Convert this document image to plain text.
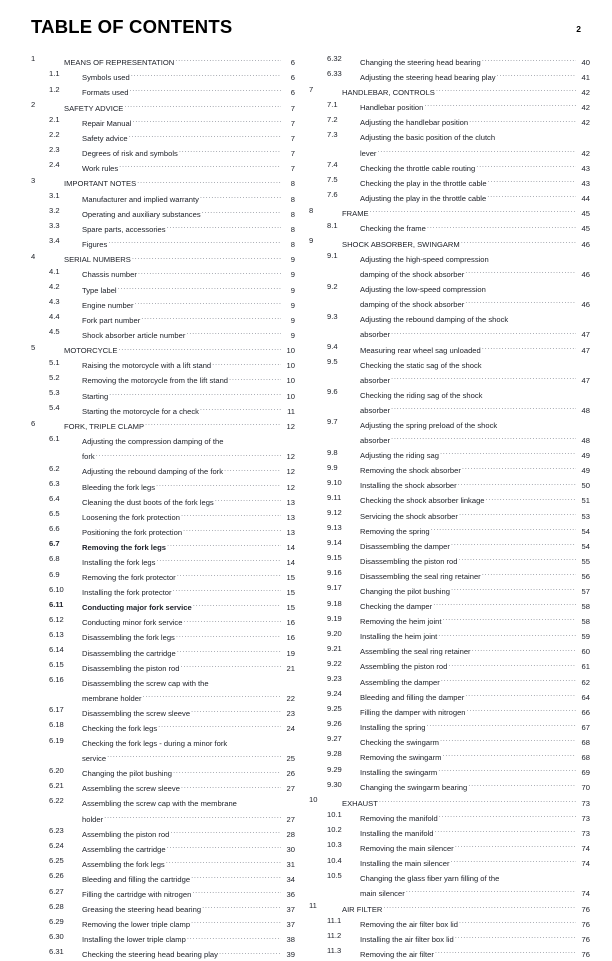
TABLE OF CONTENTS	2
1	MEANS OF REPRESENTATION .....	6
1.1	Symbols used .....	6
1.2	Formats used .....	6
2	SAFETY ADVICE .....	7
2.1	Repair Manual .....	7
2.2	Safety advice .....	7
2.3	Degrees of risk and symbols .....	7
2.4	Work rules .....	7
3	IMPORTANT NOTES .....	8
3.1	Manufacturer and implied warranty .....	8
3.2	Operating and auxiliary substances .....	8
3.3	Spare parts, accessories .....	8
3.4	Figures .....	8
4	SERIAL NUMBERS .....	9
4.1	Chassis number .....	9
4.2	Type label .....	9
4.3	Engine number .....	9
4.4	Fork part number .....	9
4.5	Shock absorber article number .....	9
5	MOTORCYCLE .....	10
5.1	Raising the motorcycle with a lift stand .....	10
5.2	Removing the motorcycle from the lift stand .....	10
5.3	Starting .....	10
5.4	Starting the motorcycle for a check .....	11
6	FORK, TRIPLE CLAMP .....	12
6.1	Adjusting the compression damping of the
fork .....	12
6.2	Adjusting the rebound damping of the fork .....	12
6.3	Bleeding the fork legs .....	12
6.4	Cleaning the dust boots of the fork legs .....	13
6.5	Loosening the fork protection .....	13
6.6	Positioning the fork protection .....	13
6.7	Removing the fork legs .....	14
6.8	Installing the fork legs .....	14
6.9	Removing the fork protector .....	15
6.10	Installing the fork protector .....	15
6.11	Conducting major fork service .....	15
6.12	Conducting minor fork service .....	16
6.13	Disassembling the fork legs .....	16
6.14	Disassembling the cartridge .....	19
6.15	Disassembling the piston rod .....	21
6.16	Disassembling the screw cap with the
membrane holder .....	22
6.17	Disassembling the screw sleeve .....	23
6.18	Checking the fork legs .....	24
6.19	Checking the fork legs - during a minor fork
service .....	25
6.20	Changing the pilot bushing .....	26
6.21	Assembling the screw sleeve .....	27
6.22	Assembling the screw cap with the membrane
holder .....	27
6.23	Assembling the piston rod .....	28
6.24	Assembling the cartridge .....	30
6.25	Assembling the fork legs .....	31
6.26	Bleeding and filling the cartridge .....	34
6.27	Filling the cartridge with nitrogen .....	36
6.28	Greasing the steering head bearing .....	37
6.29	Removing the lower triple clamp .....	37
6.30	Installing the lower triple clamp .....	38
6.31	Checking the steering head bearing play .....	39
6.32	Changing the steering head bearing .....	40
6.33	Adjusting the steering head bearing play .....	41
7	HANDLEBAR, CONTROLS .....	42
7.1	Handlebar position .....	42
7.2	Adjusting the handlebar position .....	42
7.3	Adjusting the basic position of the clutch
lever .....	42
7.4	Checking the throttle cable routing .....	43
7.5	Checking the play in the throttle cable .....	43
7.6	Adjusting the play in the throttle cable .....	44
8	FRAME .....	45
8.1	Checking the frame .....	45
9	SHOCK ABSORBER, SWINGARM .....	46
9.1	Adjusting the high-speed compression
damping of the shock absorber .....	46
9.2	Adjusting the low-speed compression
damping of the shock absorber .....	46
9.3	Adjusting the rebound damping of the shock
absorber .....	47
9.4	Measuring rear wheel sag unloaded .....	47
9.5	Checking the static sag of the shock
absorber .....	47
9.6	Checking the riding sag of the shock
absorber .....	48
9.7	Adjusting the spring preload of the shock
absorber .....	48
9.8	Adjusting the riding sag .....	49
9.9	Removing the shock absorber .....	49
9.10	Installing the shock absorber .....	50
9.11	Checking the shock absorber linkage .....	51
9.12	Servicing the shock absorber .....	53
9.13	Removing the spring .....	54
9.14	Disassembling the damper .....	54
9.15	Disassembling the piston rod .....	55
9.16	Disassembling the seal ring retainer .....	56
9.17	Changing the pilot bushing .....	57
9.18	Checking the damper .....	58
9.19	Removing the heim joint .....	58
9.20	Installing the heim joint .....	59
9.21	Assembling the seal ring retainer .....	60
9.22	Assembling the piston rod .....	61
9.23	Assembling the damper .....	62
9.24	Bleeding and filling the damper .....	64
9.25	Filling the damper with nitrogen .....	66
9.26	Installing the spring .....	67
9.27	Checking the swingarm .....	68
9.28	Removing the swingarm .....	68
9.29	Installing the swingarm .....	69
9.30	Changing the swingarm bearing .....	70
10	EXHAUST .....	73
10.1	Removing the manifold .....	73
10.2	Installing the manifold .....	73
10.3	Removing the main silencer .....	74
10.4	Installing the main silencer .....	74
10.5	Changing the glass fiber yarn filling of the
main silencer .....	74
11	AIR FILTER .....	76
11.1	Removing the air filter box lid .....	76
11.2	Installing the air filter box lid .....	76
11.3	Removing the air filter .....	76
